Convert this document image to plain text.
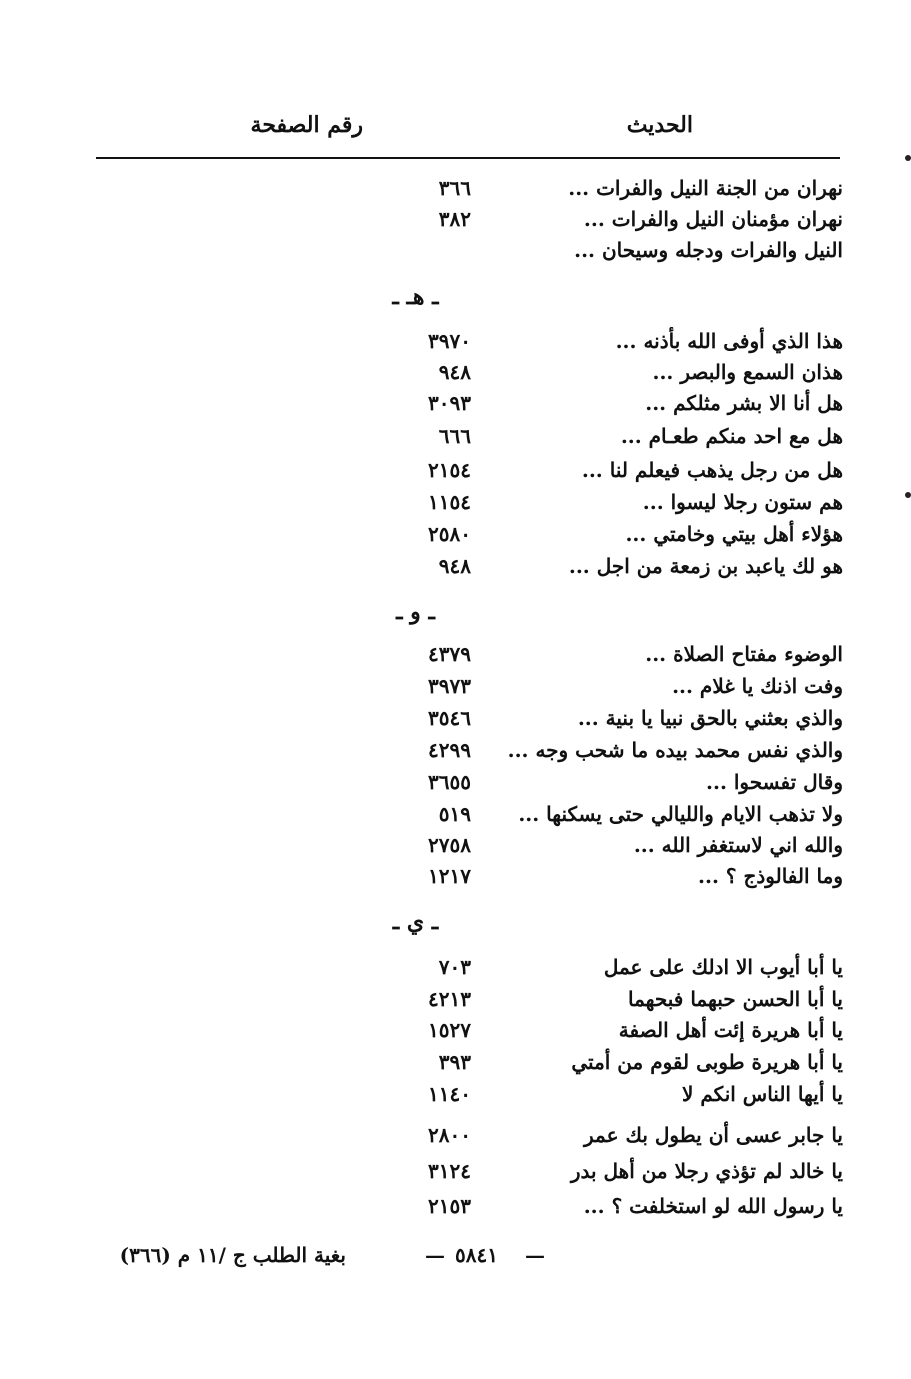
الحديث
رقم الصفحة
نهران من الجنة النيل والفرات ...
٣٦٦
نهران مؤمنان النيل والفرات ...
٣٨٢
النيل والفرات ودجله وسيحان ...
ـ هـ ـ
هذا الذي أوفى الله بأذنه ...
٣٩٧٠
هذان السمع والبصر ...
٩٤٨
هل أنا الا بشر مثلكم ...
٣٠٩٣
هل مع احد منكم طعـام ...
٦٦٦
هل من رجل يذهب فيعلم لنا ...
٢١٥٤
هم ستون رجلا ليسوا ...
١١٥٤
هؤلاء أهل بيتي وخامتي ...
٢٥٨٠
هو لك ياعبد بن زمعة من اجل ...
٩٤٨
ـ و ـ
الوضوء مفتاح الصلاة ...
٤٣٧٩
وفت اذنك يا غلام ...
٣٩٧٣
والذي بعثني بالحق نبيا يا بنية ...
٣٥٤٦
والذي نفس محمد بيده ما شحب وجه ...
٤٢٩٩
وقال تفسحوا ...
٣٦٥٥
ولا تذهب الايام والليالي حتى يسكنها ...
٥١٩
والله اني لاستغفر الله ...
٢٧٥٨
وما الفالوذج ؟ ...
١٢١٧
ـ ي ـ
يا أبا أيوب الا ادلك على عمل
٧٠٣
يا أبا الحسن حبهما فبحهما
٤٢١٣
يا أبا هريرة إئت أهل الصفة
١٥٢٧
يا أبا هريرة طوبى لقوم من أمتي
٣٩٣
يا أيها الناس انكم لا
١١٤٠
يا جابر عسى أن يطول بك عمر
٢٨٠٠
يا خالد لم تؤذي رجلا من أهل بدر
٣١٢٤
يا رسول الله لو استخلفت ؟ ...
٢١٥٣
—
٥٨٤١
—
بغية الطلب ج /١١ م (٣٦٦)
